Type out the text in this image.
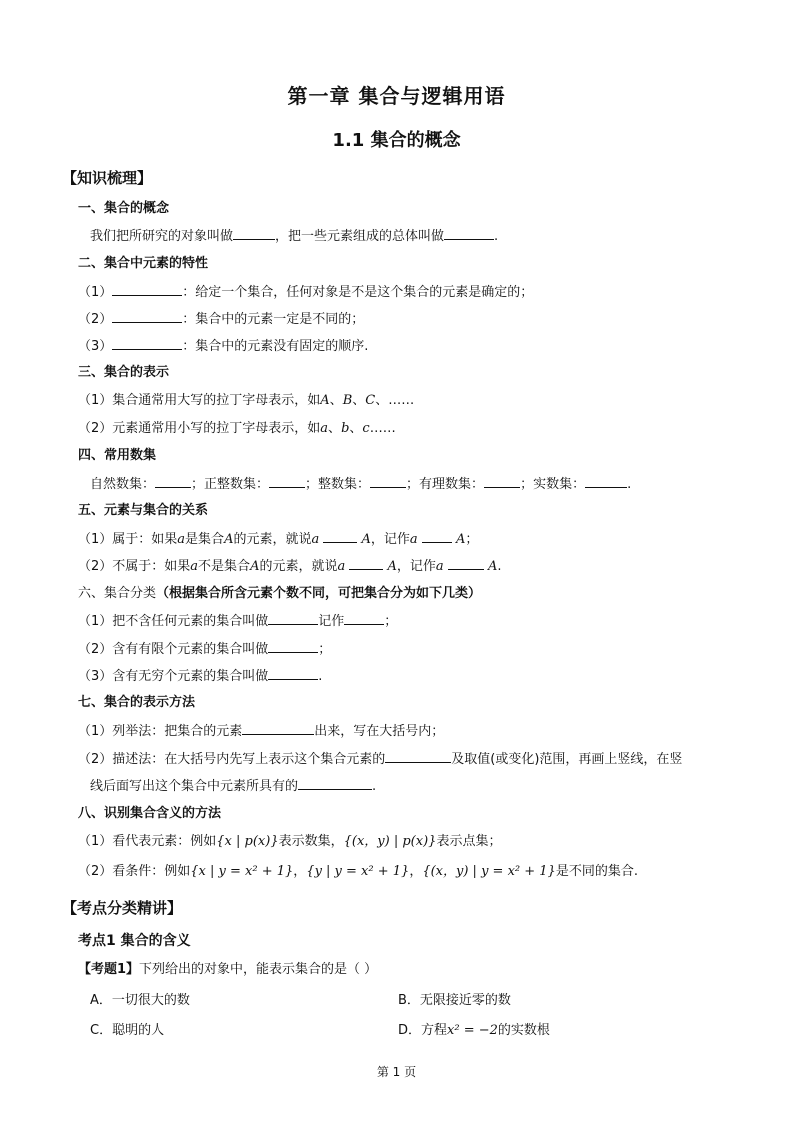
第一章 集合与逻辑用语
1.1 集合的概念
【知识梳理】
一、集合的概念
我们把所研究的对象叫做	，把一些元素组成的总体叫做	.
二、集合中元素的特性
（1）	：给定一个集合，任何对象是不是这个集合的元素是确定的；
（2）	：集合中的元素一定是不同的；
（3）	：集合中的元素没有固定的顺序.
三、集合的表示
（1）集合通常用大写的拉丁字母表示，如A、B、C、……
（2）元素通常用小写的拉丁字母表示，如a、b、c……
四、常用数集
自然数集：	；正整数集：	；整数集：	；有理数集：	；实数集：	.
五、元素与集合的关系
（1）属于：如果a是集合A的元素，就说a	A，记作a	A；
（2）不属于：如果a不是集合A的元素，就说a	A，记作a	A.
六、集合分类（根据集合所含元素个数不同，可把集合分为如下几类）
（1）把不含任何元素的集合叫做	记作	；
（2）含有有限个元素的集合叫做	；
（3）含有无穷个元素的集合叫做	.
七、集合的表示方法
（1）列举法：把集合的元素	出来，写在大括号内；
（2）描述法：在大括号内先写上表示这个集合元素的	及取值(或变化)范围，再画上竖线，在竖
线后面写出这个集合中元素所具有的	.
八、识别集合含义的方法
（1）看代表元素：例如{x | p(x)}表示数集，{(x，y) | p(x)}表示点集；
（2）看条件：例如{x | y = x² + 1}，{y | y = x² + 1}，{(x，y) | y = x² + 1}是不同的集合.
【考点分类精讲】
考点1 集合的含义
【考题1】下列给出的对象中，能表示集合的是（ ）
A．一切很大的数	B．无限接近零的数
C．聪明的人	D．方程x² = −2的实数根
第 1 页
